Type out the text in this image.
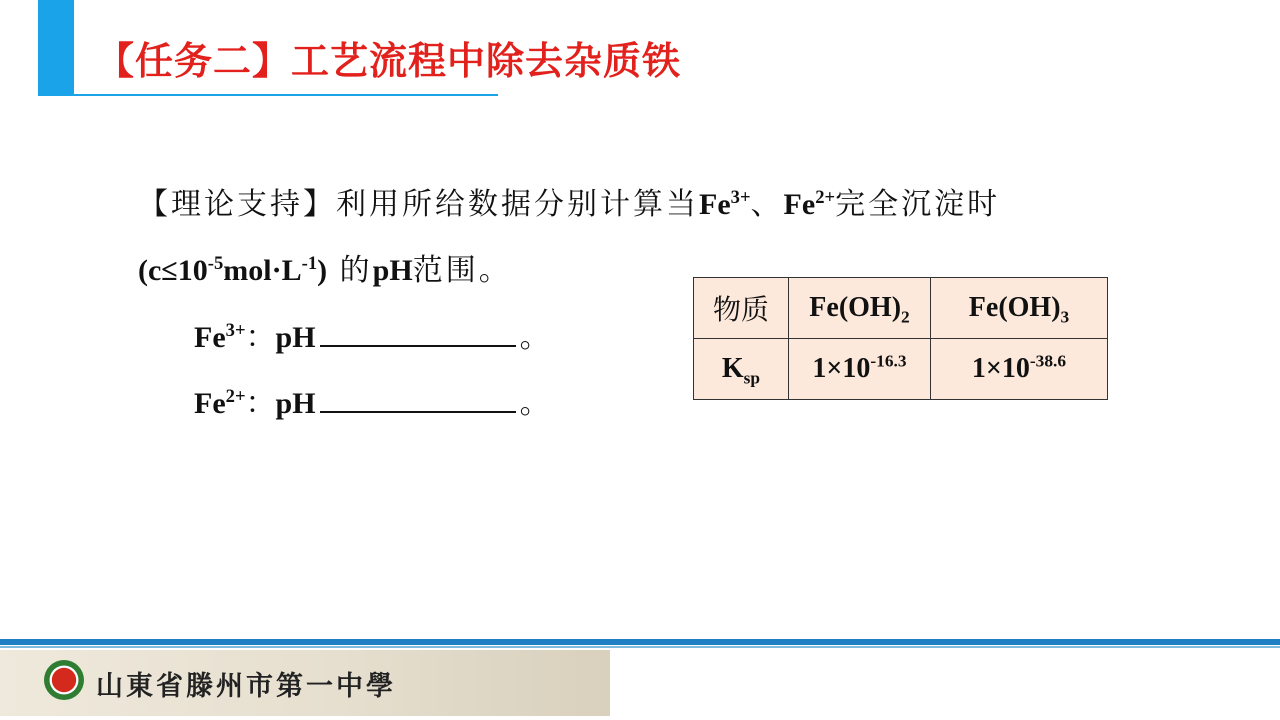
【任务二】工艺流程中除去杂质铁
【理论支持】利用所给数据分别计算当$Fe^{3+}$、$Fe^{2+}$完全沉淀时
$(c\le 10^{-5}mol\cdot L^{-1})$ 的pH范围。
$Fe^{3+}$ ： pH	。
$Fe^{2+}$ ： pH	。
物质	$Fe(OH)_2$	$Fe(OH)_3$
$K_{sp}$	$1\times 10^{-16.3}$	$1\times 10^{-38.6}$
山東省滕州市第一中學
